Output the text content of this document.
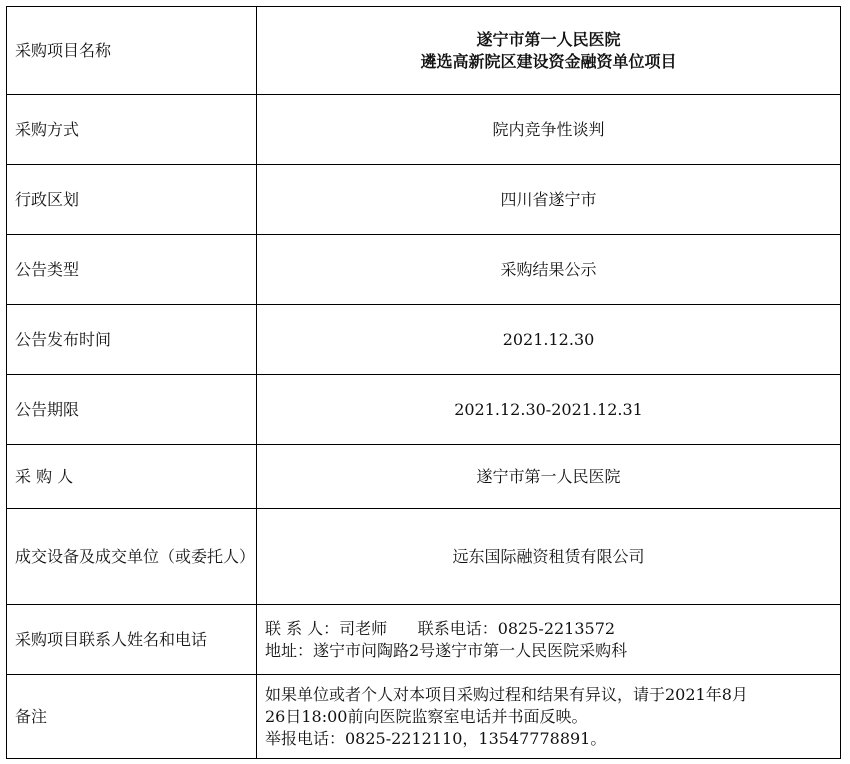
采购项目名称	遂宁市第一人民医院
遴选高新院区建设资金融资单位项目

采购方式	院内竞争性谈判
行政区划	四川省遂宁市
公告类型	采购结果公示
公告发布时间	2021.12.30
公告期限	2021.12.30-2021.12.31
采 购 人	遂宁市第一人民医院
成交设备及成交单位（或委托人）	远东国际融资租赁有限公司
采购项目联系人姓名和电话	联 系 人：司老师      联系电话：0825-2213572
地址：遂宁市问陶路2号遂宁市第一人民医院采购科

备注	如果单位或者个人对本项目采购过程和结果有异议，请于2021年8月
26日18:00前向医院监察室电话并书面反映。
举报电话：0825-2212110，13547778891。
